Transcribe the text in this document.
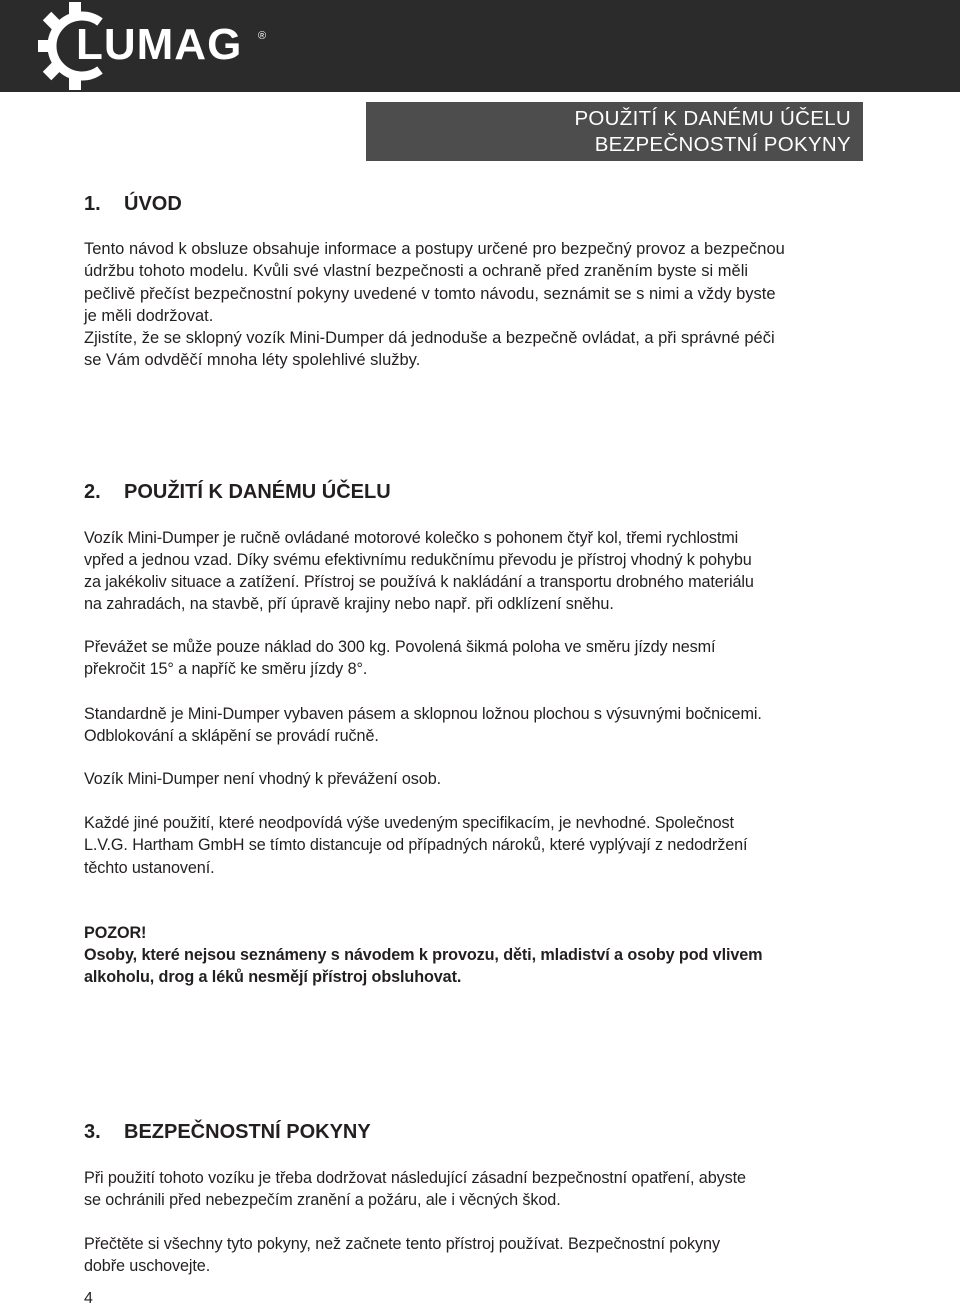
LUMAG ®
POUŽITÍ K DANÉMU ÚČELU
BEZPEČNOSTNÍ POKYNY
1. ÚVOD
Tento návod k obsluze obsahuje informace a postupy určené pro bezpečný provoz a bezpečnou
údržbu tohoto modelu. Kvůli své vlastní bezpečnosti a ochraně před zraněním byste si měli
pečlivě přečíst bezpečnostní pokyny uvedené v tomto návodu, seznámit se s nimi a vždy byste
je měli dodržovat.
Zjistíte, že se sklopný vozík Mini-Dumper dá jednoduše a bezpečně ovládat, a při správné péči
se Vám odvděčí mnoha léty spolehlivé služby.
2. POUŽITÍ K DANÉMU ÚČELU
Vozík Mini-Dumper je ručně ovládané motorové kolečko s pohonem čtyř kol, třemi rychlostmi
vpřed a jednou vzad. Díky svému efektivnímu redukčnímu převodu je přístroj vhodný k pohybu
za jakékoliv situace a zatížení. Přístroj se používá k nakládání a transportu drobného materiálu
na zahradách, na stavbě, pří úpravě krajiny nebo např. při odklízení sněhu.
Převážet se může pouze náklad do 300 kg. Povolená šikmá poloha ve směru jízdy nesmí
překročit 15° a napříč ke směru jízdy 8°.
Standardně je Mini-Dumper vybaven pásem a sklopnou ložnou plochou s výsuvnými bočnicemi.
Odblokování a sklápění se provádí ručně.
Vozík Mini-Dumper není vhodný k převážení osob.
Každé jiné použití, které neodpovídá výše uvedeným specifikacím, je nevhodné. Společnost
L.V.G. Hartham GmbH se tímto distancuje od případných nároků, které vyplývají z nedodržení
těchto ustanovení.
POZOR!
Osoby, které nejsou seznámeny s návodem k provozu, děti, mladiství a osoby pod vlivem
alkoholu, drog a léků nesmějí přístroj obsluhovat.
3. BEZPEČNOSTNÍ POKYNY
Při použití tohoto vozíku je třeba dodržovat následující zásadní bezpečnostní opatření, abyste
se ochránili před nebezpečím zranění a požáru, ale i věcných škod.
Přečtěte si všechny tyto pokyny, než začnete tento přístroj používat. Bezpečnostní pokyny
dobře uschovejte.
4
